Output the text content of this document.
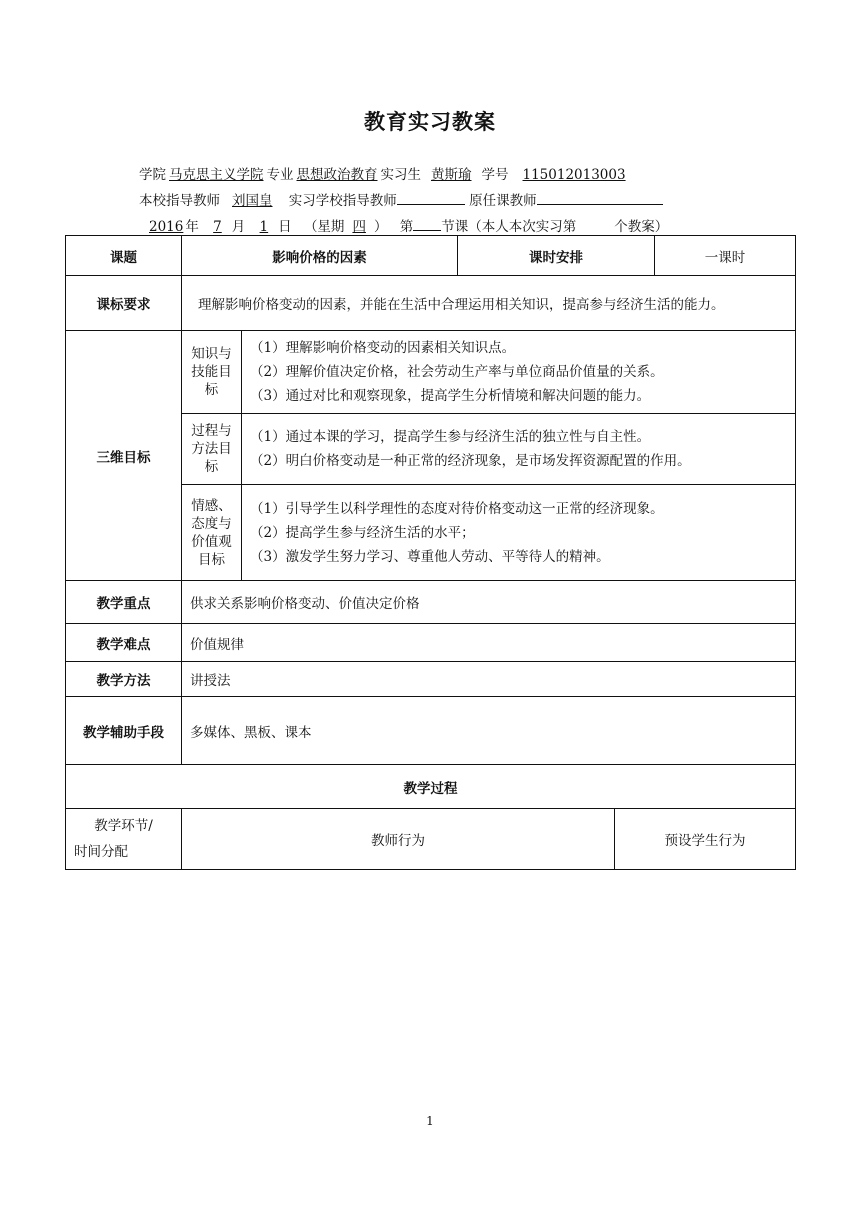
教育实习教案
学院 马克思主义学院 专业 思想政治教育 实习生 黄斯瑜 学号 115012013003
本校指导教师 刘国皇 实习学校指导教师	原任课教师
2016 年 7 月 1 日 （星期 四 ） 第 节课（本人本次实习第	个教案）
课题	影响价格的因素		课时安排		一课时
课标要求	理解影响价格变动的因素，并能在生活中合理运用相关知识，提高参与经济生活的能力。				
三维目标	知识与技能目标	（1）理解影响价格变动的因素相关知识点。
（2）理解价值决定价格，社会劳动生产率与单位商品价值量的关系。
（3）通过对比和观察现象，提高学生分析情境和解决问题的能力。			

	过程与方法目标	（1）通过本课的学习，提高学生参与经济生活的独立性与自主性。
（2）明白价格变动是一种正常的经济现象，是市场发挥资源配置的作用。			

	情感、态度与价值观目标	（1）引导学生以科学理性的态度对待价格变动这一正常的经济现象。
（2）提高学生参与经济生活的水平；
（3）激发学生努力学习、尊重他人劳动、平等待人的精神。			

教学重点	供求关系影响价格变动、价值决定价格				
教学难点	价值规律				
教学方法	讲授法				
教学辅助手段	多媒体、黑板、课本				
教学过程					

教学环节/
时间分配	教师行为			预设学生行为	
1
